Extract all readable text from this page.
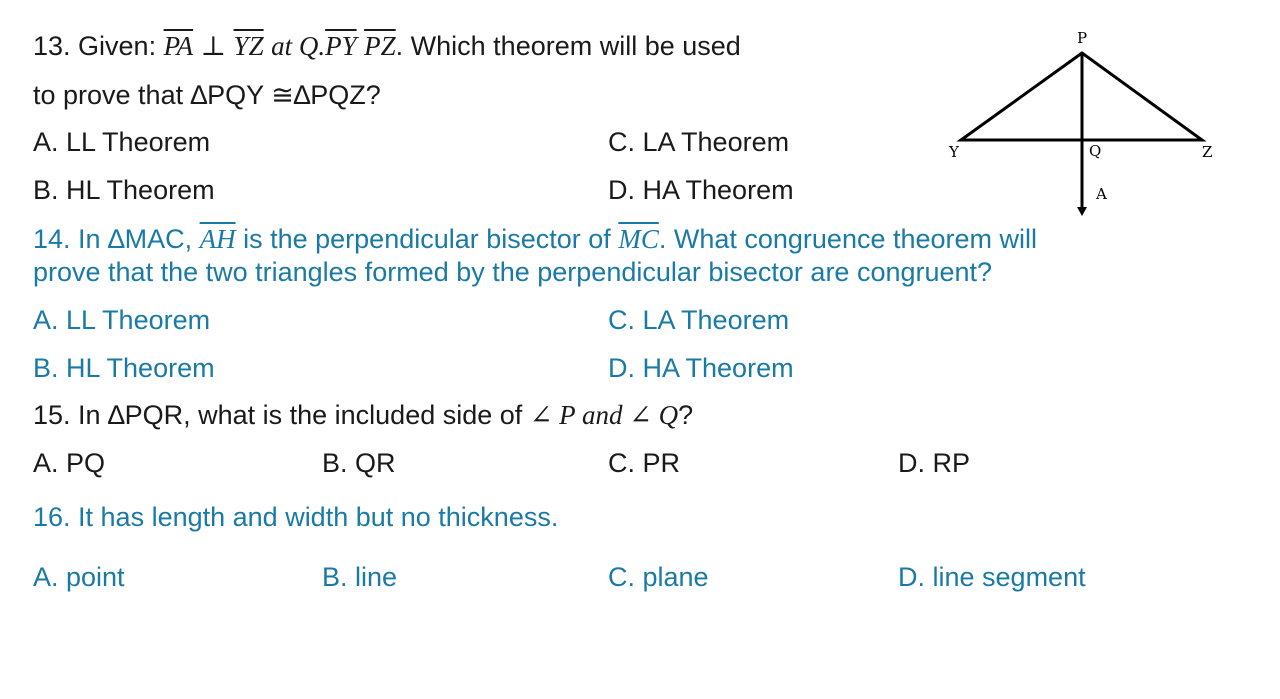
13. Given: $\overline{PA}$ ⊥ $\overline{YZ}$ at $Q.\overline{PY}$ $\overline{PZ}$. Which theorem will be used
to prove that ∆PQY ≅∆PQZ?
A. LL Theorem	C. LA Theorem
B. HL Theorem	D. HA Theorem
P
Y	Q	Z
A
14. In ∆MAC, $\overline{AH}$ is the perpendicular bisector of $\overline{MC}$. What congruence theorem will
prove that the two triangles formed by the perpendicular bisector are congruent?
A. LL Theorem	C. LA Theorem
B. HL Theorem	D. HA Theorem
15. In ∆PQR, what is the included side of ∠ P and ∠ Q?
A. PQ	B. QR	C. PR	D. RP
16. It has length and width but no thickness.
A. point	B. line	C. plane	D. line segment
